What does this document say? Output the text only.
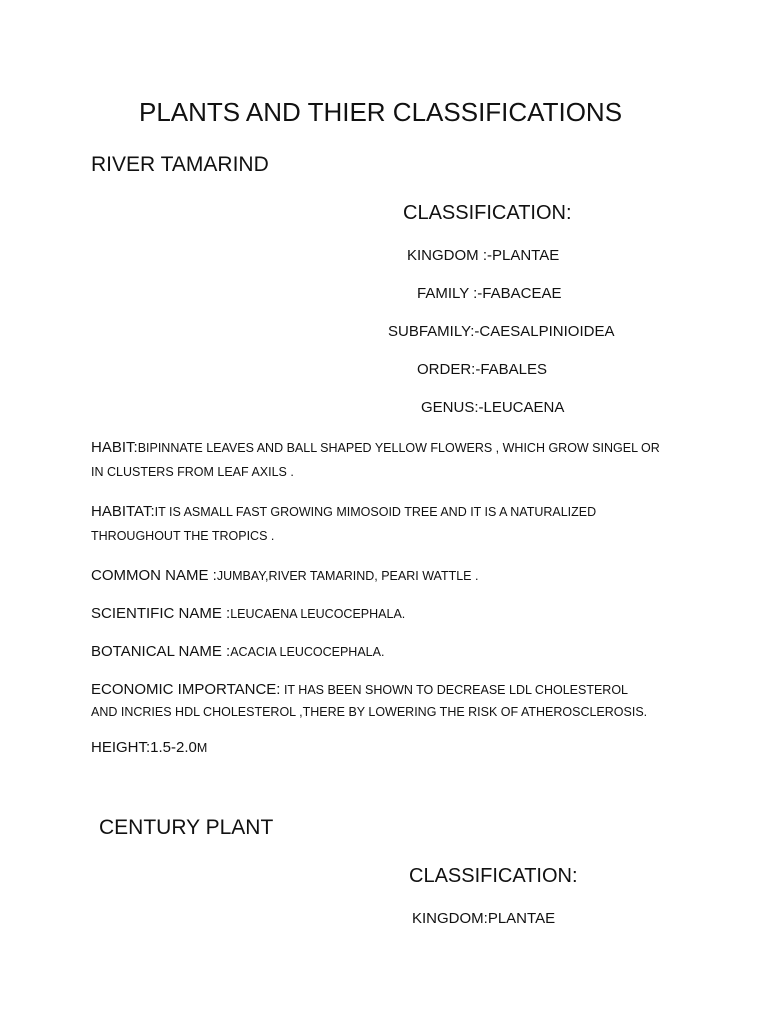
PLANTS AND THIER CLASSIFICATIONS
RIVER TAMARIND
CLASSIFICATION:
KINGDOM :-PLANTAE
FAMILY :-FABACEAE
SUBFAMILY:-CAESALPINIOIDEA
ORDER:-FABALES
GENUS:-LEUCAENA
HABIT:BIPINNATE LEAVES AND BALL SHAPED YELLOW FLOWERS , WHICH GROW SINGEL OR IN CLUSTERS FROM LEAF AXILS .
HABITAT:IT IS ASMALL FAST GROWING MIMOSOID TREE AND IT IS A NATURALIZED THROUGHOUT THE TROPICS .
COMMON NAME :JUMBAY,RIVER TAMARIND, PEARI WATTLE .
SCIENTIFIC NAME :LEUCAENA LEUCOCEPHALA.
BOTANICAL NAME :ACACIA LEUCOCEPHALA.
ECONOMIC IMPORTANCE: IT HAS BEEN SHOWN TO DECREASE LDL CHOLESTEROL AND INCRIES HDL CHOLESTEROL ,THERE BY LOWERING THE RISK OF ATHEROSCLEROSIS.
HEIGHT:1.5-2.0M
CENTURY PLANT
CLASSIFICATION:
KINGDOM:PLANTAE
